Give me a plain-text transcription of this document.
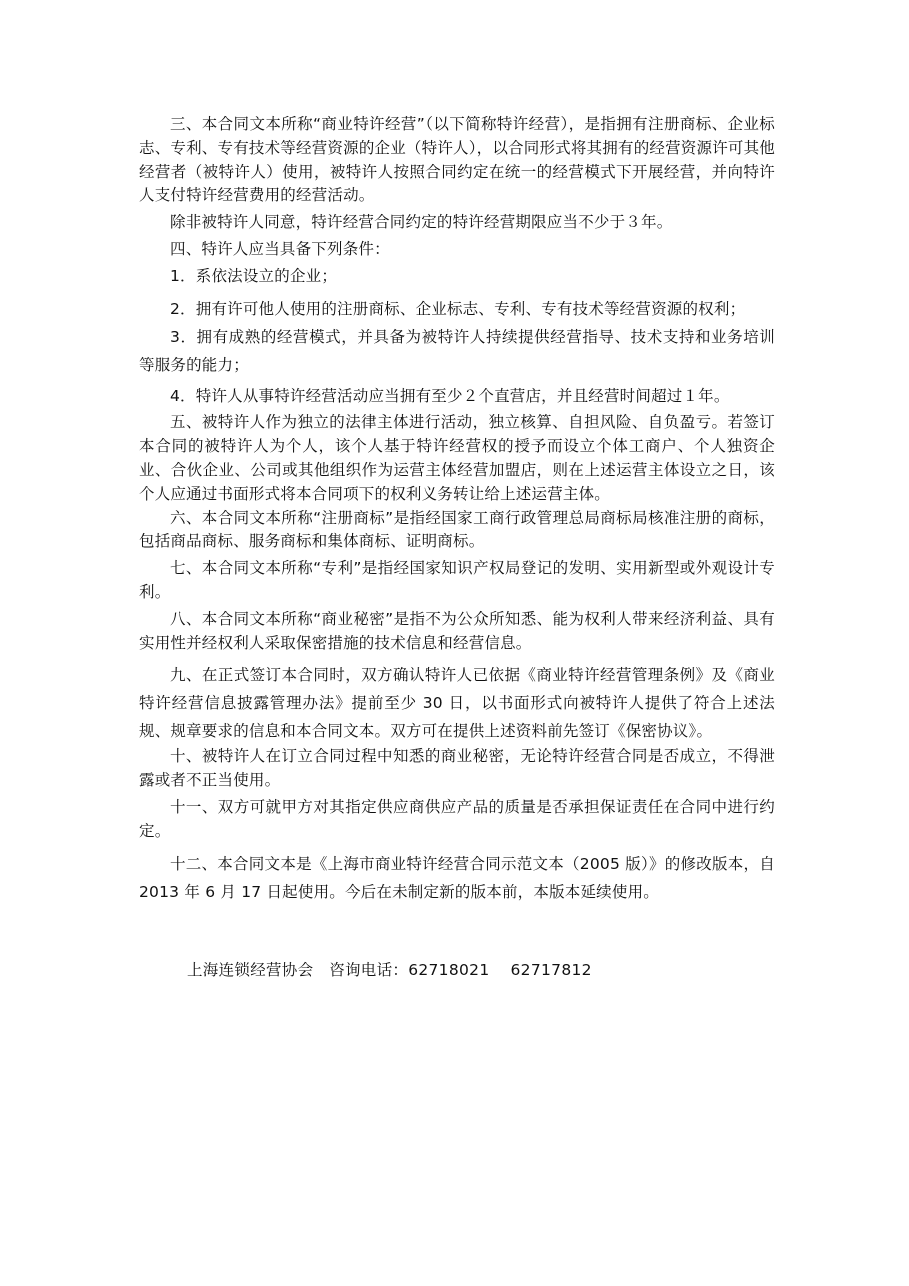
三、本合同文本所称“商业特许经营”（以下简称特许经营），是指拥有注册商标、企业标志、专利、专有技术等经营资源的企业（特许人），以合同形式将其拥有的经营资源许可其他经营者（被特许人）使用，被特许人按照合同约定在统一的经营模式下开展经营，并向特许人支付特许经营费用的经营活动。

除非被特许人同意，特许经营合同约定的特许经营期限应当不少于３年。

四、特许人应当具备下列条件：

1．系依法设立的企业；

2．拥有许可他人使用的注册商标、企业标志、专利、专有技术等经营资源的权利；

3．拥有成熟的经营模式，并具备为被特许人持续提供经营指导、技术支持和业务培训等服务的能力；

4．特许人从事特许经营活动应当拥有至少２个直营店，并且经营时间超过１年。

五、被特许人作为独立的法律主体进行活动，独立核算、自担风险、自负盈亏。若签订本合同的被特许人为个人，该个人基于特许经营权的授予而设立个体工商户、个人独资企业、合伙企业、公司或其他组织作为运营主体经营加盟店，则在上述运营主体设立之日，该个人应通过书面形式将本合同项下的权利义务转让给上述运营主体。

六、本合同文本所称“注册商标”是指经国家工商行政管理总局商标局核准注册的商标，包括商品商标、服务商标和集体商标、证明商标。

七、本合同文本所称“专利”是指经国家知识产权局登记的发明、实用新型或外观设计专利。

八、本合同文本所称“商业秘密”是指不为公众所知悉、能为权利人带来经济利益、具有实用性并经权利人采取保密措施的技术信息和经营信息。

九、在正式签订本合同时，双方确认特许人已依据《商业特许经营管理条例》及《商业特许经营信息披露管理办法》提前至少 30 日，以书面形式向被特许人提供了符合上述法规、规章要求的信息和本合同文本。双方可在提供上述资料前先签订《保密协议》。

十、被特许人在订立合同过程中知悉的商业秘密，无论特许经营合同是否成立，不得泄露或者不正当使用。

十一、双方可就甲方对其指定供应商供应产品的质量是否承担保证责任在合同中进行约定。

十二、本合同文本是《上海市商业特许经营合同示范文本（2005 版）》的修改版本，自 2013 年 6 月 17 日起使用。今后在未制定新的版本前，本版本延续使用。

上海连锁经营协会　咨询电话：62718021　 62717812
